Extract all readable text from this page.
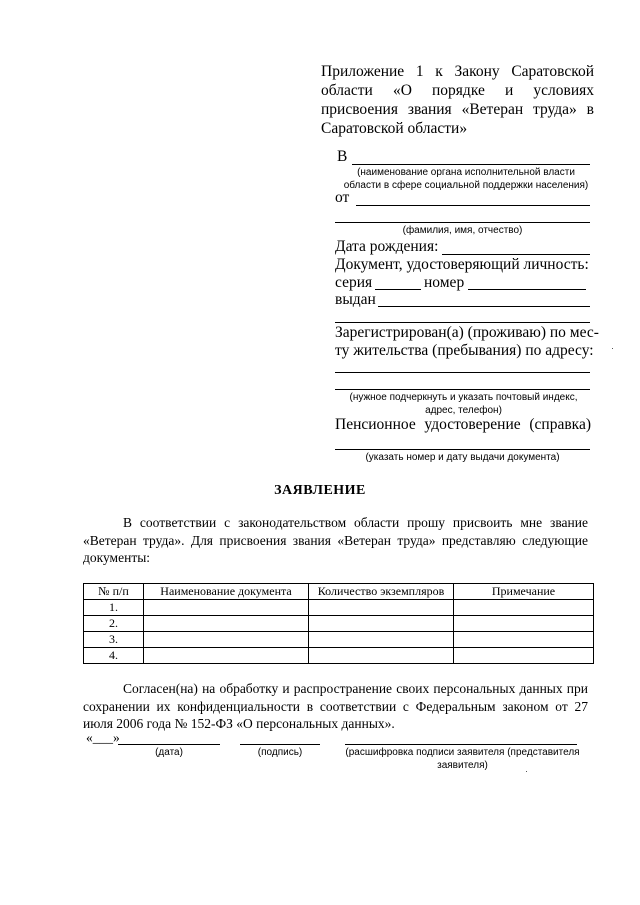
Приложение 1 к Закону Саратовской области «О порядке и условиях присвоения звания «Ветеран труда» в Саратовской области»
В
(наименование органа исполнительной власти области в сфере социальной поддержки населения)
от
(фамилия, имя, отчество)
Дата рождения:
Документ, удостоверяющий личность:
серия	номер
выдан
Зарегистрирован(а) (проживаю) по мес-
ту жительства (пребывания) по адресу:
(нужное подчеркнуть и указать почтовый индекс, адрес, телефон)
Пенсионное удостоверение (справка)
(указать номер и дату выдачи документа)
ЗАЯВЛЕНИЕ
В соответствии с законодательством области прошу присвоить мне звание «Ветеран труда». Для присвоения звания «Ветеран труда» представляю следующие документы:
№ п/п	Наименование документа	Количество экземпляров	Примечание
1.			
2.			
3.			
4.			
Согласен(на) на обработку и распространение своих персональных данных при сохранении их конфиденциальности в соответствии с Федеральным законом от 27 июля 2006 года № 152-ФЗ «О персональных данных».
«___»
(дата)	(подпись)	(расшифровка подписи заявителя (представителя заявителя)
